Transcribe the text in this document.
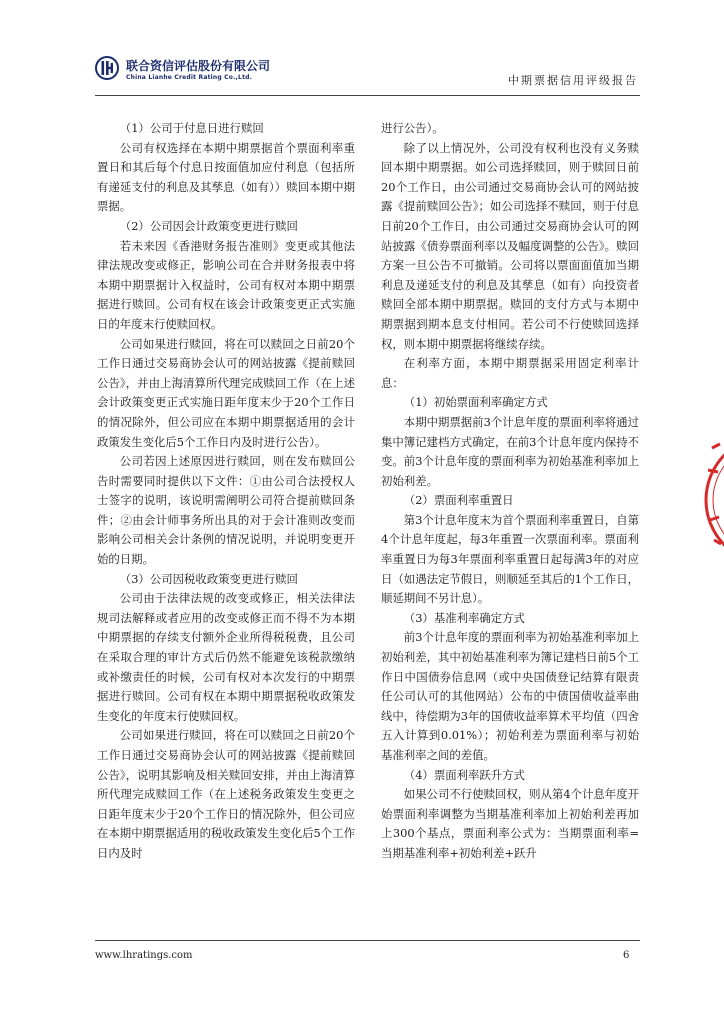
联合资信评估股份有限公司
China Lianhe Credit Rating Co.,Ltd.	中期票据信用评级报告

（1）公司于付息日进行赎回

公司有权选择在本期中期票据首个票面利率重置日和其后每个付息日按面值加应付利息（包括所有递延支付的利息及其孳息（如有））赎回本期中期票据。

（2）公司因会计政策变更进行赎回

若未来因《香港财务报告准则》变更或其他法律法规改变或修正，影响公司在合并财务报表中将本期中期票据计入权益时，公司有权对本期中期票据进行赎回。公司有权在该会计政策变更正式实施日的年度末行使赎回权。

公司如果进行赎回，将在可以赎回之日前20个工作日通过交易商协会认可的网站披露《提前赎回公告》，并由上海清算所代理完成赎回工作（在上述会计政策变更正式实施日距年度末少于20个工作日的情况除外，但公司应在本期中期票据适用的会计政策发生变化后5个工作日内及时进行公告）。

公司若因上述原因进行赎回，则在发布赎回公告时需要同时提供以下文件：①由公司合法授权人士签字的说明，该说明需阐明公司符合提前赎回条件；②由会计师事务所出具的对于会计准则改变而影响公司相关会计条例的情况说明，并说明变更开始的日期。

（3）公司因税收政策变更进行赎回

公司由于法律法规的改变或修正，相关法律法规司法解释或者应用的改变或修正而不得不为本期中期票据的存续支付额外企业所得税税费，且公司在采取合理的审计方式后仍然不能避免该税款缴纳或补缴责任的时候，公司有权对本次发行的中期票据进行赎回。公司有权在本期中期票据税收政策发生变化的年度末行使赎回权。

公司如果进行赎回，将在可以赎回之日前20个工作日通过交易商协会认可的网站披露《提前赎回公告》，说明其影响及相关赎回安排，并由上海清算所代理完成赎回工作（在上述税务政策发生变更之日距年度末少于20个工作日的情况除外，但公司应在本期中期票据适用的税收政策发生变化后5个工作日内及时

进行公告）。

除了以上情况外，公司没有权利也没有义务赎回本期中期票据。如公司选择赎回，则于赎回日前20个工作日，由公司通过交易商协会认可的网站披露《提前赎回公告》；如公司选择不赎回，则于付息日前20个工作日，由公司通过交易商协会认可的网站披露《债券票面利率以及幅度调整的公告》。赎回方案一旦公告不可撤销。公司将以票面面值加当期利息及递延支付的利息及其孳息（如有）向投资者赎回全部本期中期票据。赎回的支付方式与本期中期票据到期本息支付相同。若公司不行使赎回选择权，则本期中期票据将继续存续。

在利率方面，本期中期票据采用固定利率计息：

（1）初始票面利率确定方式

本期中期票据前3个计息年度的票面利率将通过集中簿记建档方式确定，在前3个计息年度内保持不变。前3个计息年度的票面利率为初始基准利率加上初始利差。

（2）票面利率重置日

第3个计息年度末为首个票面利率重置日，自第4个计息年度起，每3年重置一次票面利率。票面利率重置日为每3年票面利率重置日起每满3年的对应日（如遇法定节假日，则顺延至其后的1个工作日，顺延期间不另计息）。

（3）基准利率确定方式

前3个计息年度的票面利率为初始基准利率加上初始利差，其中初始基准利率为簿记建档日前5个工作日中国债券信息网（或中央国债登记结算有限责任公司认可的其他网站）公布的中债国债收益率曲线中，待偿期为3年的国债收益率算术平均值（四舍五入计算到0.01%）；初始利差为票面利率与初始基准利率之间的差值。

（4）票面利率跃升方式

如果公司不行使赎回权，则从第4个计息年度开始票面利率调整为当期基准利率加上初始利差再加上300个基点，票面利率公式为：当期票面利率=当期基准利率+初始利差+跃升

www.lhratings.com	6
